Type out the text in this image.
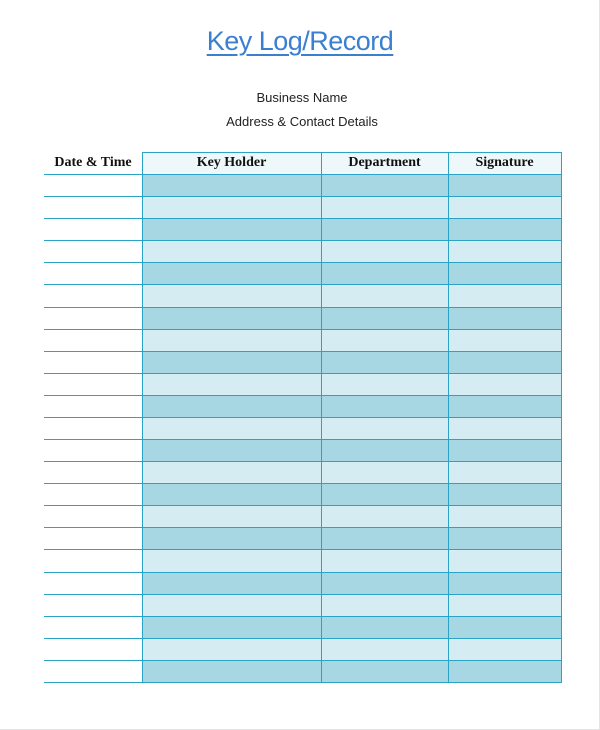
Key Log/Record
Business Name
Address & Contact Details
Date & Time	Key Holder	Department	Signature
